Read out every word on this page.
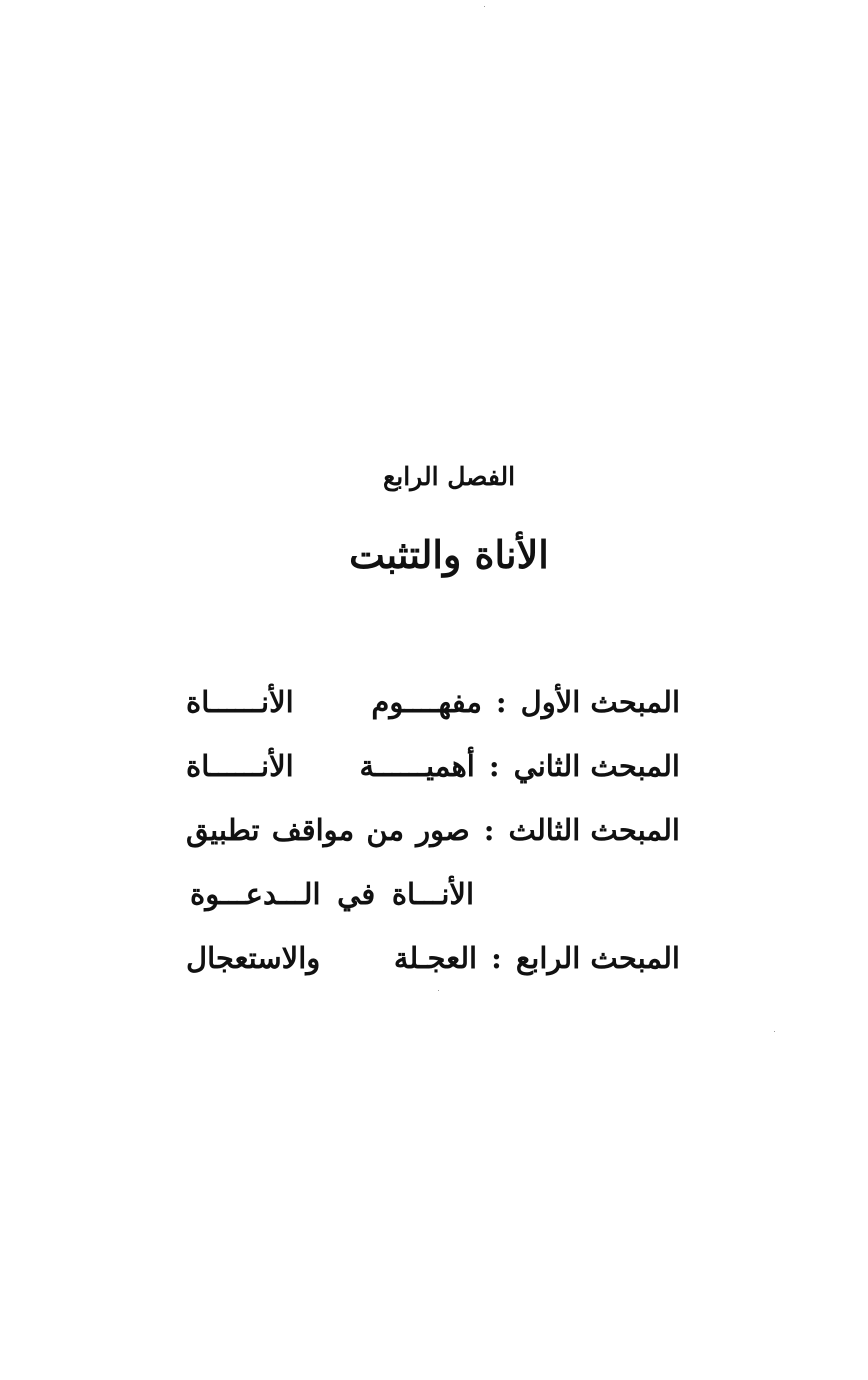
الفصل الرابع
الأناة والتثبت
المبحث الأول
:
مفهــــوم الأنــــــاة
المبحث الثاني
:
أهميــــــة الأنــــــاة
المبحث الثالث
:
صور من مواقف تطبيق
الأنـــاة في الـــدعـــوة
المبحث الرابع
:
العجـلة والاستعجال
